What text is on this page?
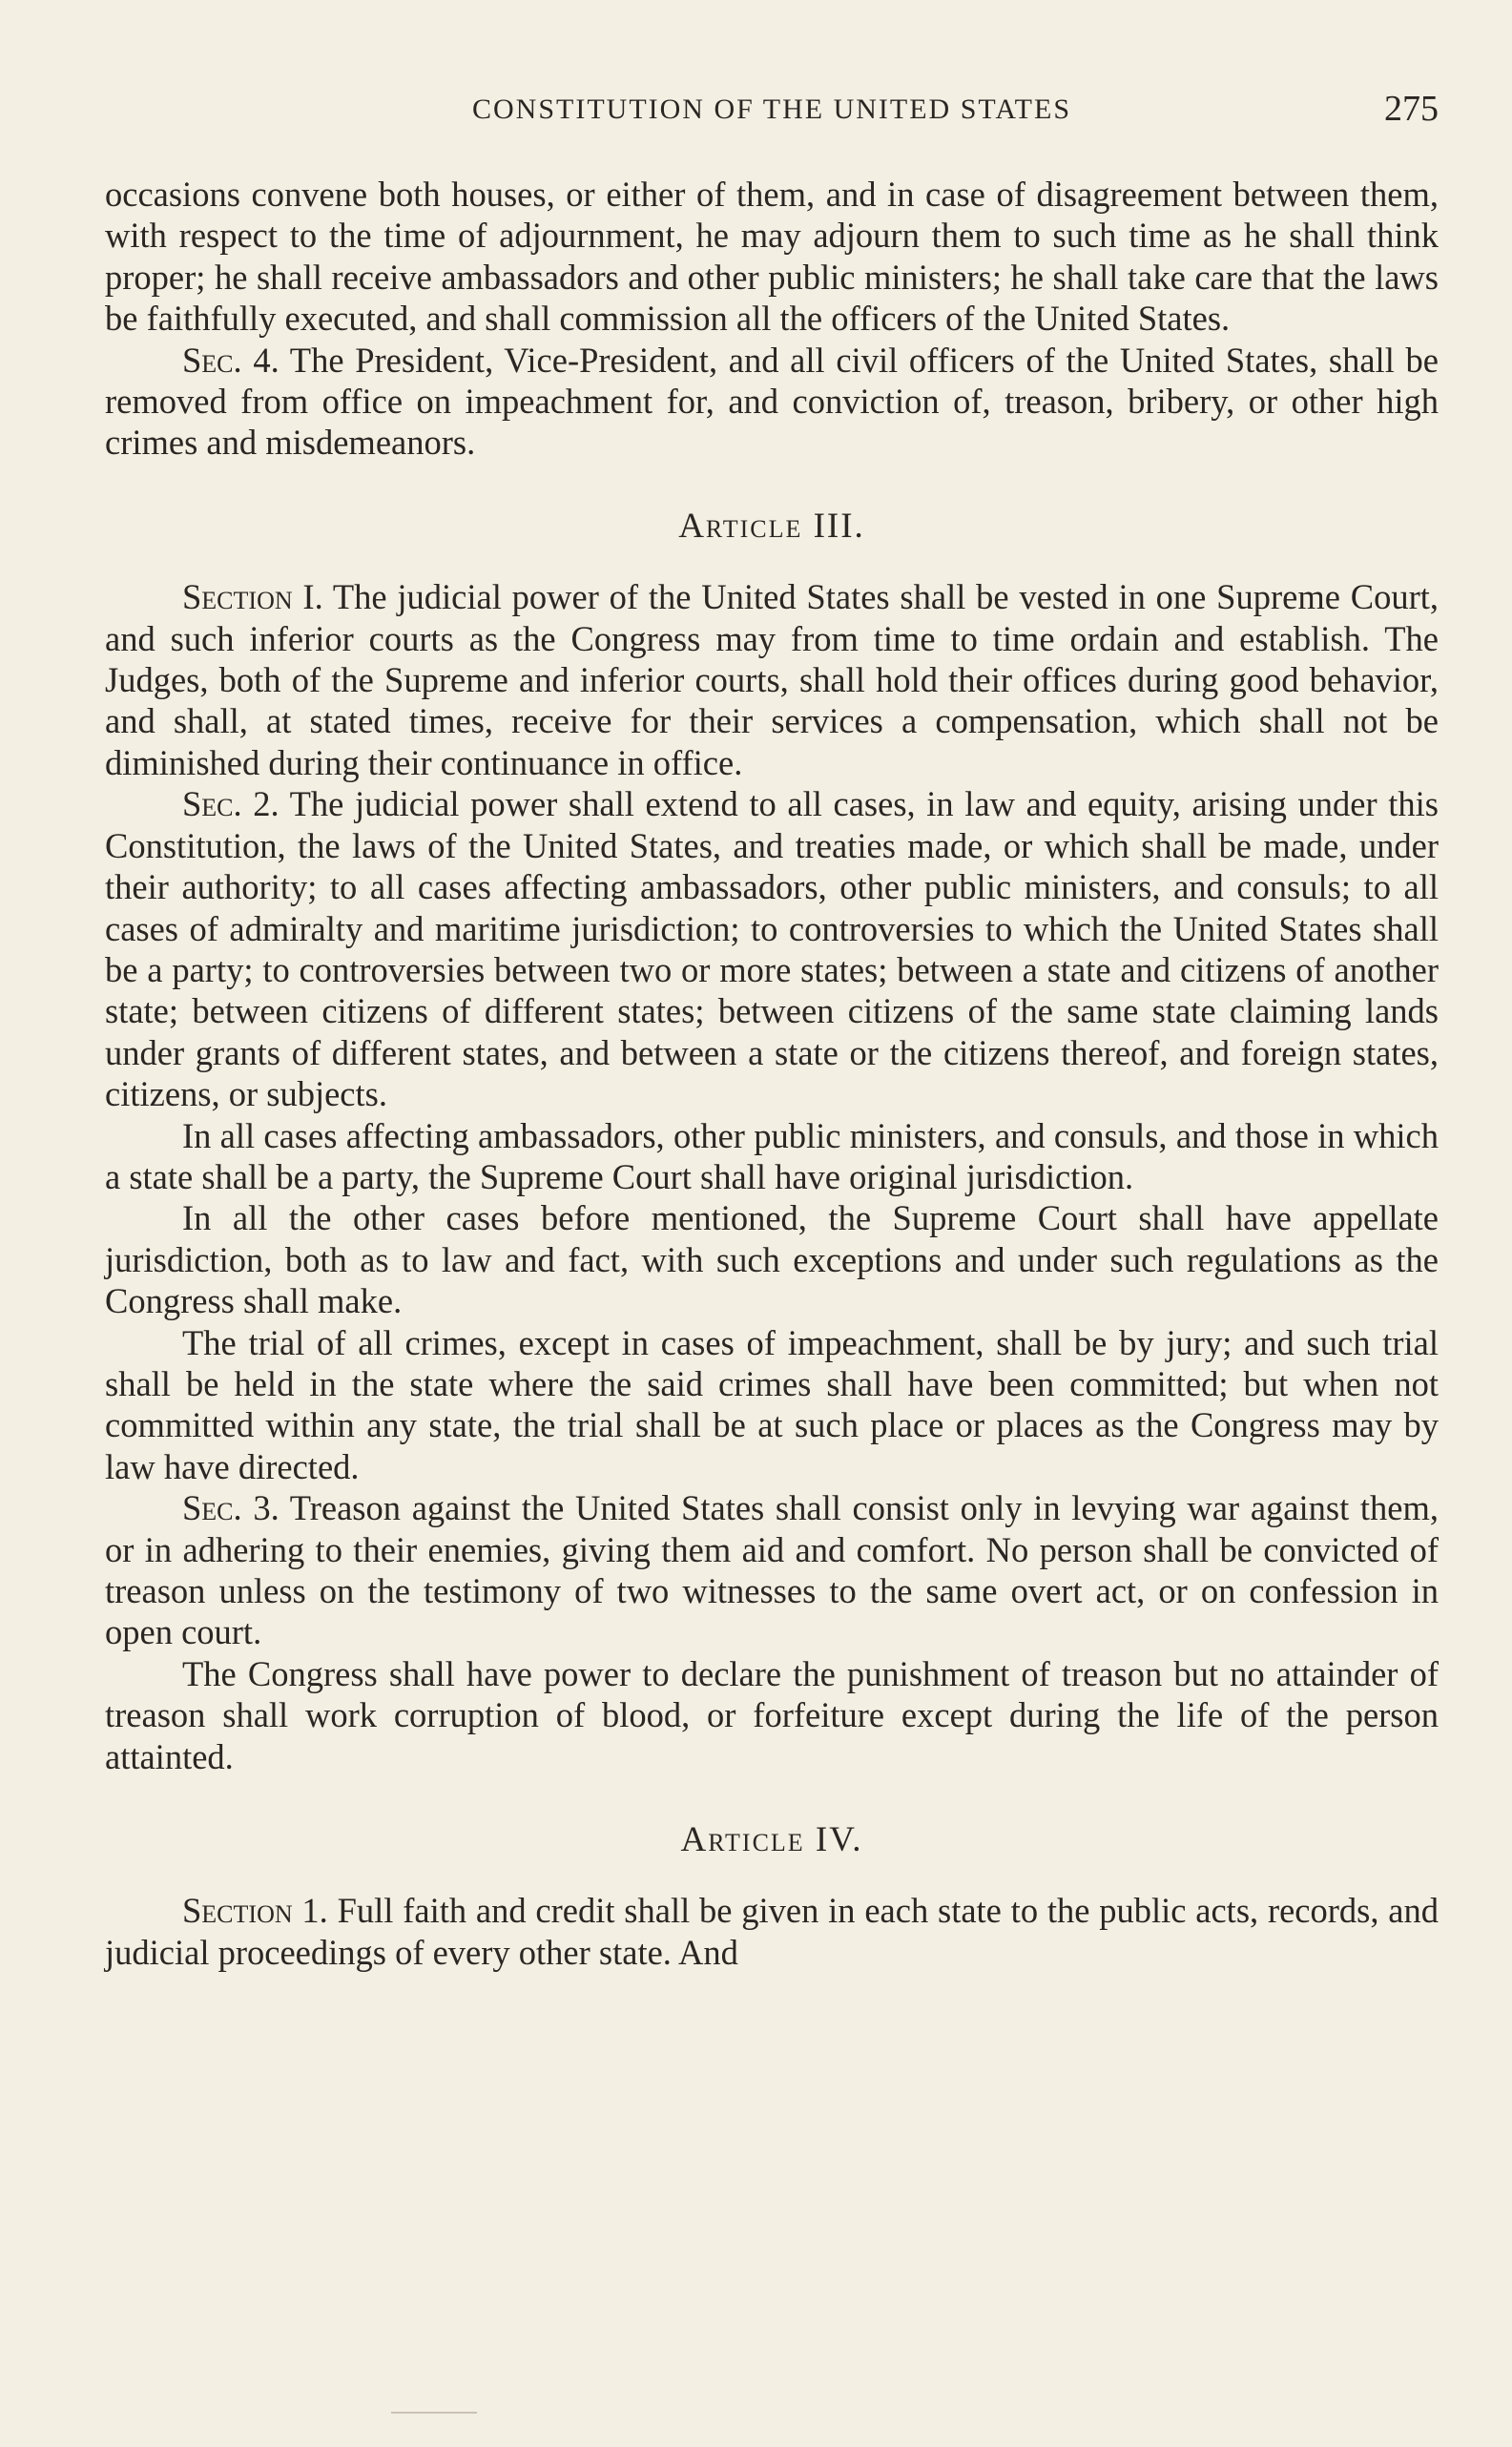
CONSTITUTION OF THE UNITED STATES	275

occasions convene both houses, or either of them, and in case of disagreement between them, with respect to the time of adjournment, he may adjourn them to such time as he shall think proper; he shall receive ambassadors and other public ministers; he shall take care that the laws be faithfully executed, and shall commission all the officers of the United States.

Sec. 4. The President, Vice-President, and all civil officers of the United States, shall be removed from office on impeachment for, and conviction of, treason, bribery, or other high crimes and misdemeanors.

Article III.

Section I. The judicial power of the United States shall be vested in one Supreme Court, and such inferior courts as the Congress may from time to time ordain and establish. The Judges, both of the Supreme and inferior courts, shall hold their offices during good behavior, and shall, at stated times, receive for their services a compensation, which shall not be diminished during their continuance in office.

Sec. 2. The judicial power shall extend to all cases, in law and equity, arising under this Constitution, the laws of the United States, and treaties made, or which shall be made, under their authority; to all cases affecting ambassadors, other public ministers, and consuls; to all cases of admiralty and maritime jurisdiction; to controversies to which the United States shall be a party; to controversies between two or more states; between a state and citizens of another state; between citizens of different states; between citizens of the same state claiming lands under grants of different states, and between a state or the citizens thereof, and foreign states, citizens, or subjects.

In all cases affecting ambassadors, other public ministers, and consuls, and those in which a state shall be a party, the Supreme Court shall have original jurisdiction.

In all the other cases before mentioned, the Supreme Court shall have appellate jurisdiction, both as to law and fact, with such exceptions and under such regulations as the Congress shall make.

The trial of all crimes, except in cases of impeachment, shall be by jury; and such trial shall be held in the state where the said crimes shall have been committed; but when not committed within any state, the trial shall be at such place or places as the Congress may by law have directed.

Sec. 3. Treason against the United States shall consist only in levying war against them, or in adhering to their enemies, giving them aid and comfort. No person shall be convicted of treason unless on the testimony of two witnesses to the same overt act, or on confession in open court.

The Congress shall have power to declare the punishment of treason but no attainder of treason shall work corruption of blood, or forfeiture except during the life of the person attainted.

Article IV.

Section 1. Full faith and credit shall be given in each state to the public acts, records, and judicial proceedings of every other state. And
